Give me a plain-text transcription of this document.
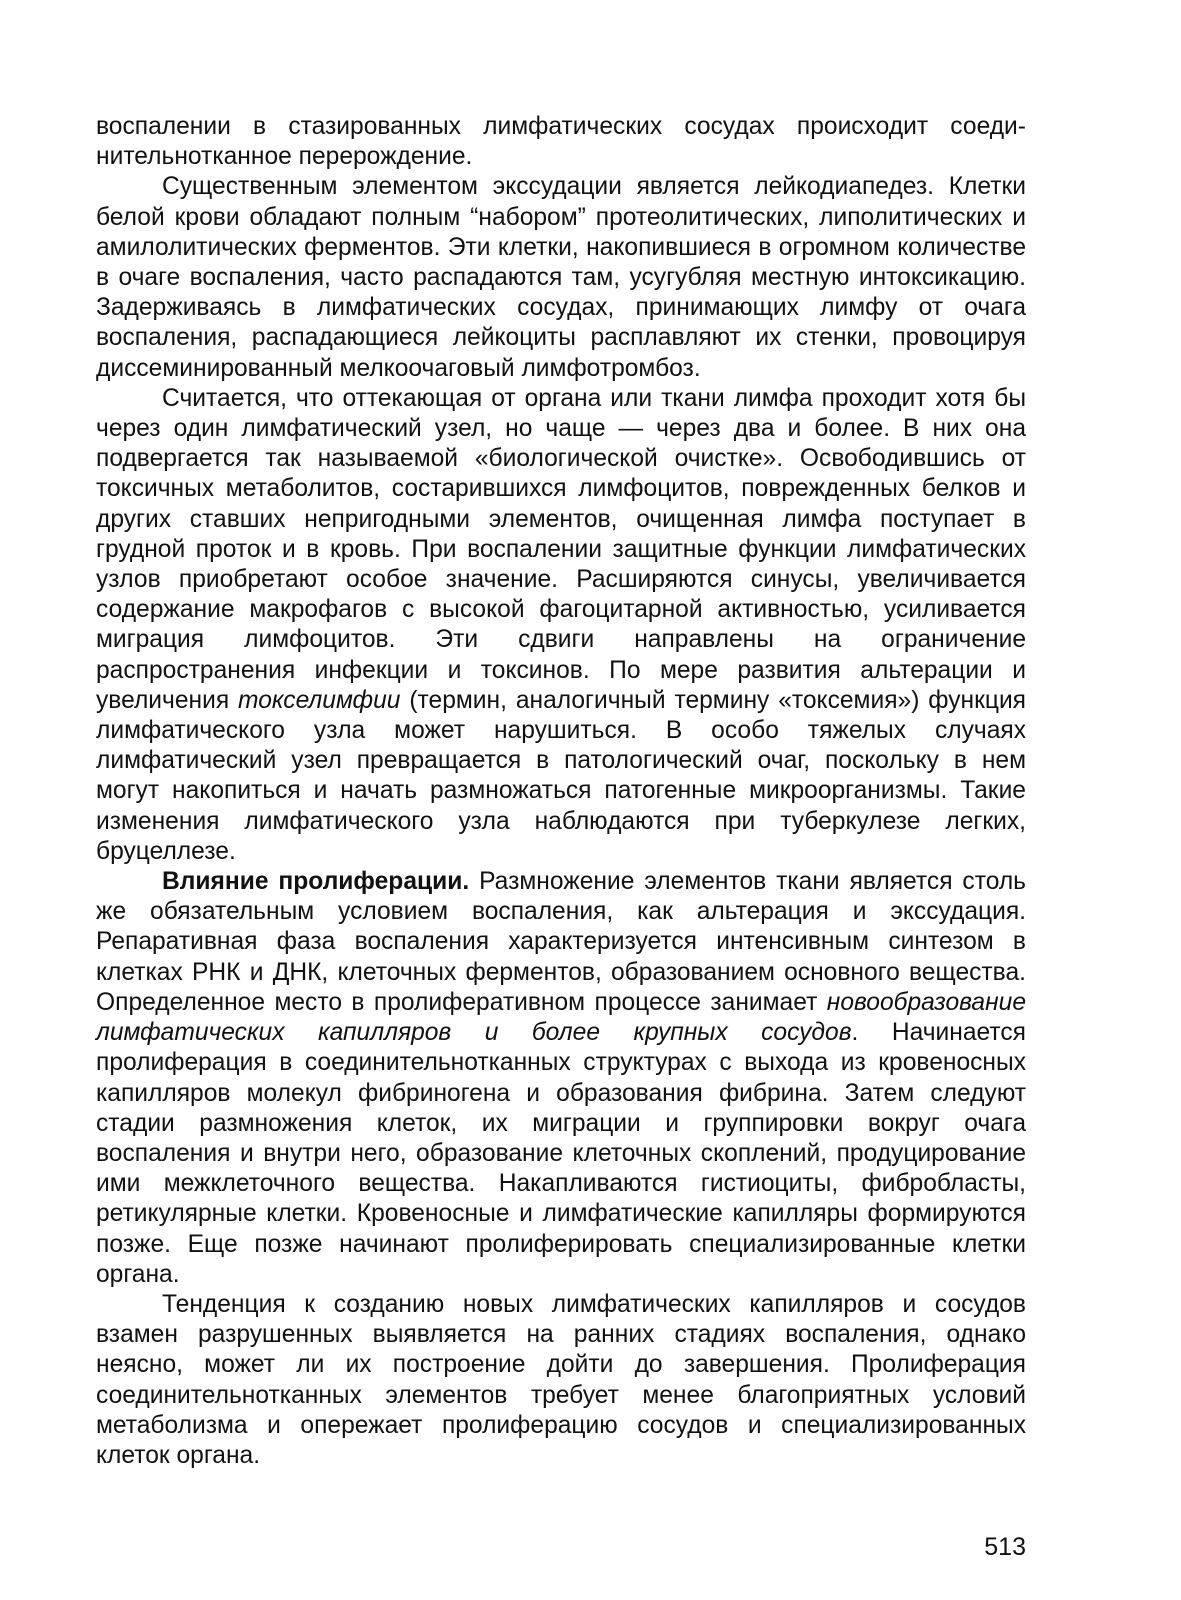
воспалении в стазированных лимфатических сосудах происходит соединительнотканное перерождение.

Существенным элементом экссудации является лейкодиапедез. Клетки белой крови обладают полным “набором” протеолитических, липолитических и амилолитических ферментов. Эти клетки, накопившиеся в огромном количестве в очаге воспаления, часто распадаются там, усугубляя местную интоксикацию. Задерживаясь в лимфатических сосудах, принимающих лимфу от очага воспаления, распадающиеся лейкоциты расплавляют их стенки, провоцируя диссеминированный мелкоочаговый лимфотромбоз.

Считается, что оттекающая от органа или ткани лимфа проходит хотя бы через один лимфатический узел, но чаще — через два и более. В них она подвергается так называемой «биологической очистке». Освободившись от токсичных метаболитов, состарившихся лимфоцитов, поврежденных белков и других ставших непригодными элементов, очищенная лимфа поступает в грудной проток и в кровь. При воспалении защитные функции лимфатических узлов приобретают особое значение. Расширяются синусы, увеличивается содержание макрофагов с высокой фагоцитарной активностью, усиливается миграция лимфоцитов. Эти сдвиги направлены на ограничение распространения инфекции и токсинов. По мере развития альтерации и увеличения токселимфии (термин, аналогичный термину «токсемия») функция лимфатического узла может нарушиться. В особо тяжелых случаях лимфатический узел превращается в патологический очаг, поскольку в нем могут накопиться и начать размножаться патогенные микроорганизмы. Такие изменения лимфатического узла наблюдаются при туберкулезе легких, бруцеллезе.

Влияние пролиферации. Размножение элементов ткани является столь же обязательным условием воспаления, как альтерация и экссудация. Репаративная фаза воспаления характеризуется интенсивным синтезом в клетках РНК и ДНК, клеточных ферментов, образованием основного вещества. Определенное место в пролиферативном процессе занимает новообразование лимфатических капилляров и более крупных сосудов. Начинается пролиферация в соединительнотканных структурах с выхода из кровеносных капилляров молекул фибриногена и образования фибрина. Затем следуют стадии размножения клеток, их миграции и группировки вокруг очага воспаления и внутри него, образование клеточных скоплений, продуцирование ими межклеточного вещества. Накапливаются гистиоциты, фибробласты, ретикулярные клетки. Кровеносные и лимфатические капилляры формируются позже. Еще позже начинают пролиферировать специализированные клетки органа.

Тенденция к созданию новых лимфатических капилляров и сосудов взамен разрушенных выявляется на ранних стадиях воспаления, однако неясно, может ли их построение дойти до завершения. Пролиферация соединительнотканных элементов требует менее благоприятных условий метаболизма и опережает пролиферацию сосудов и специализированных клеток органа.

513
